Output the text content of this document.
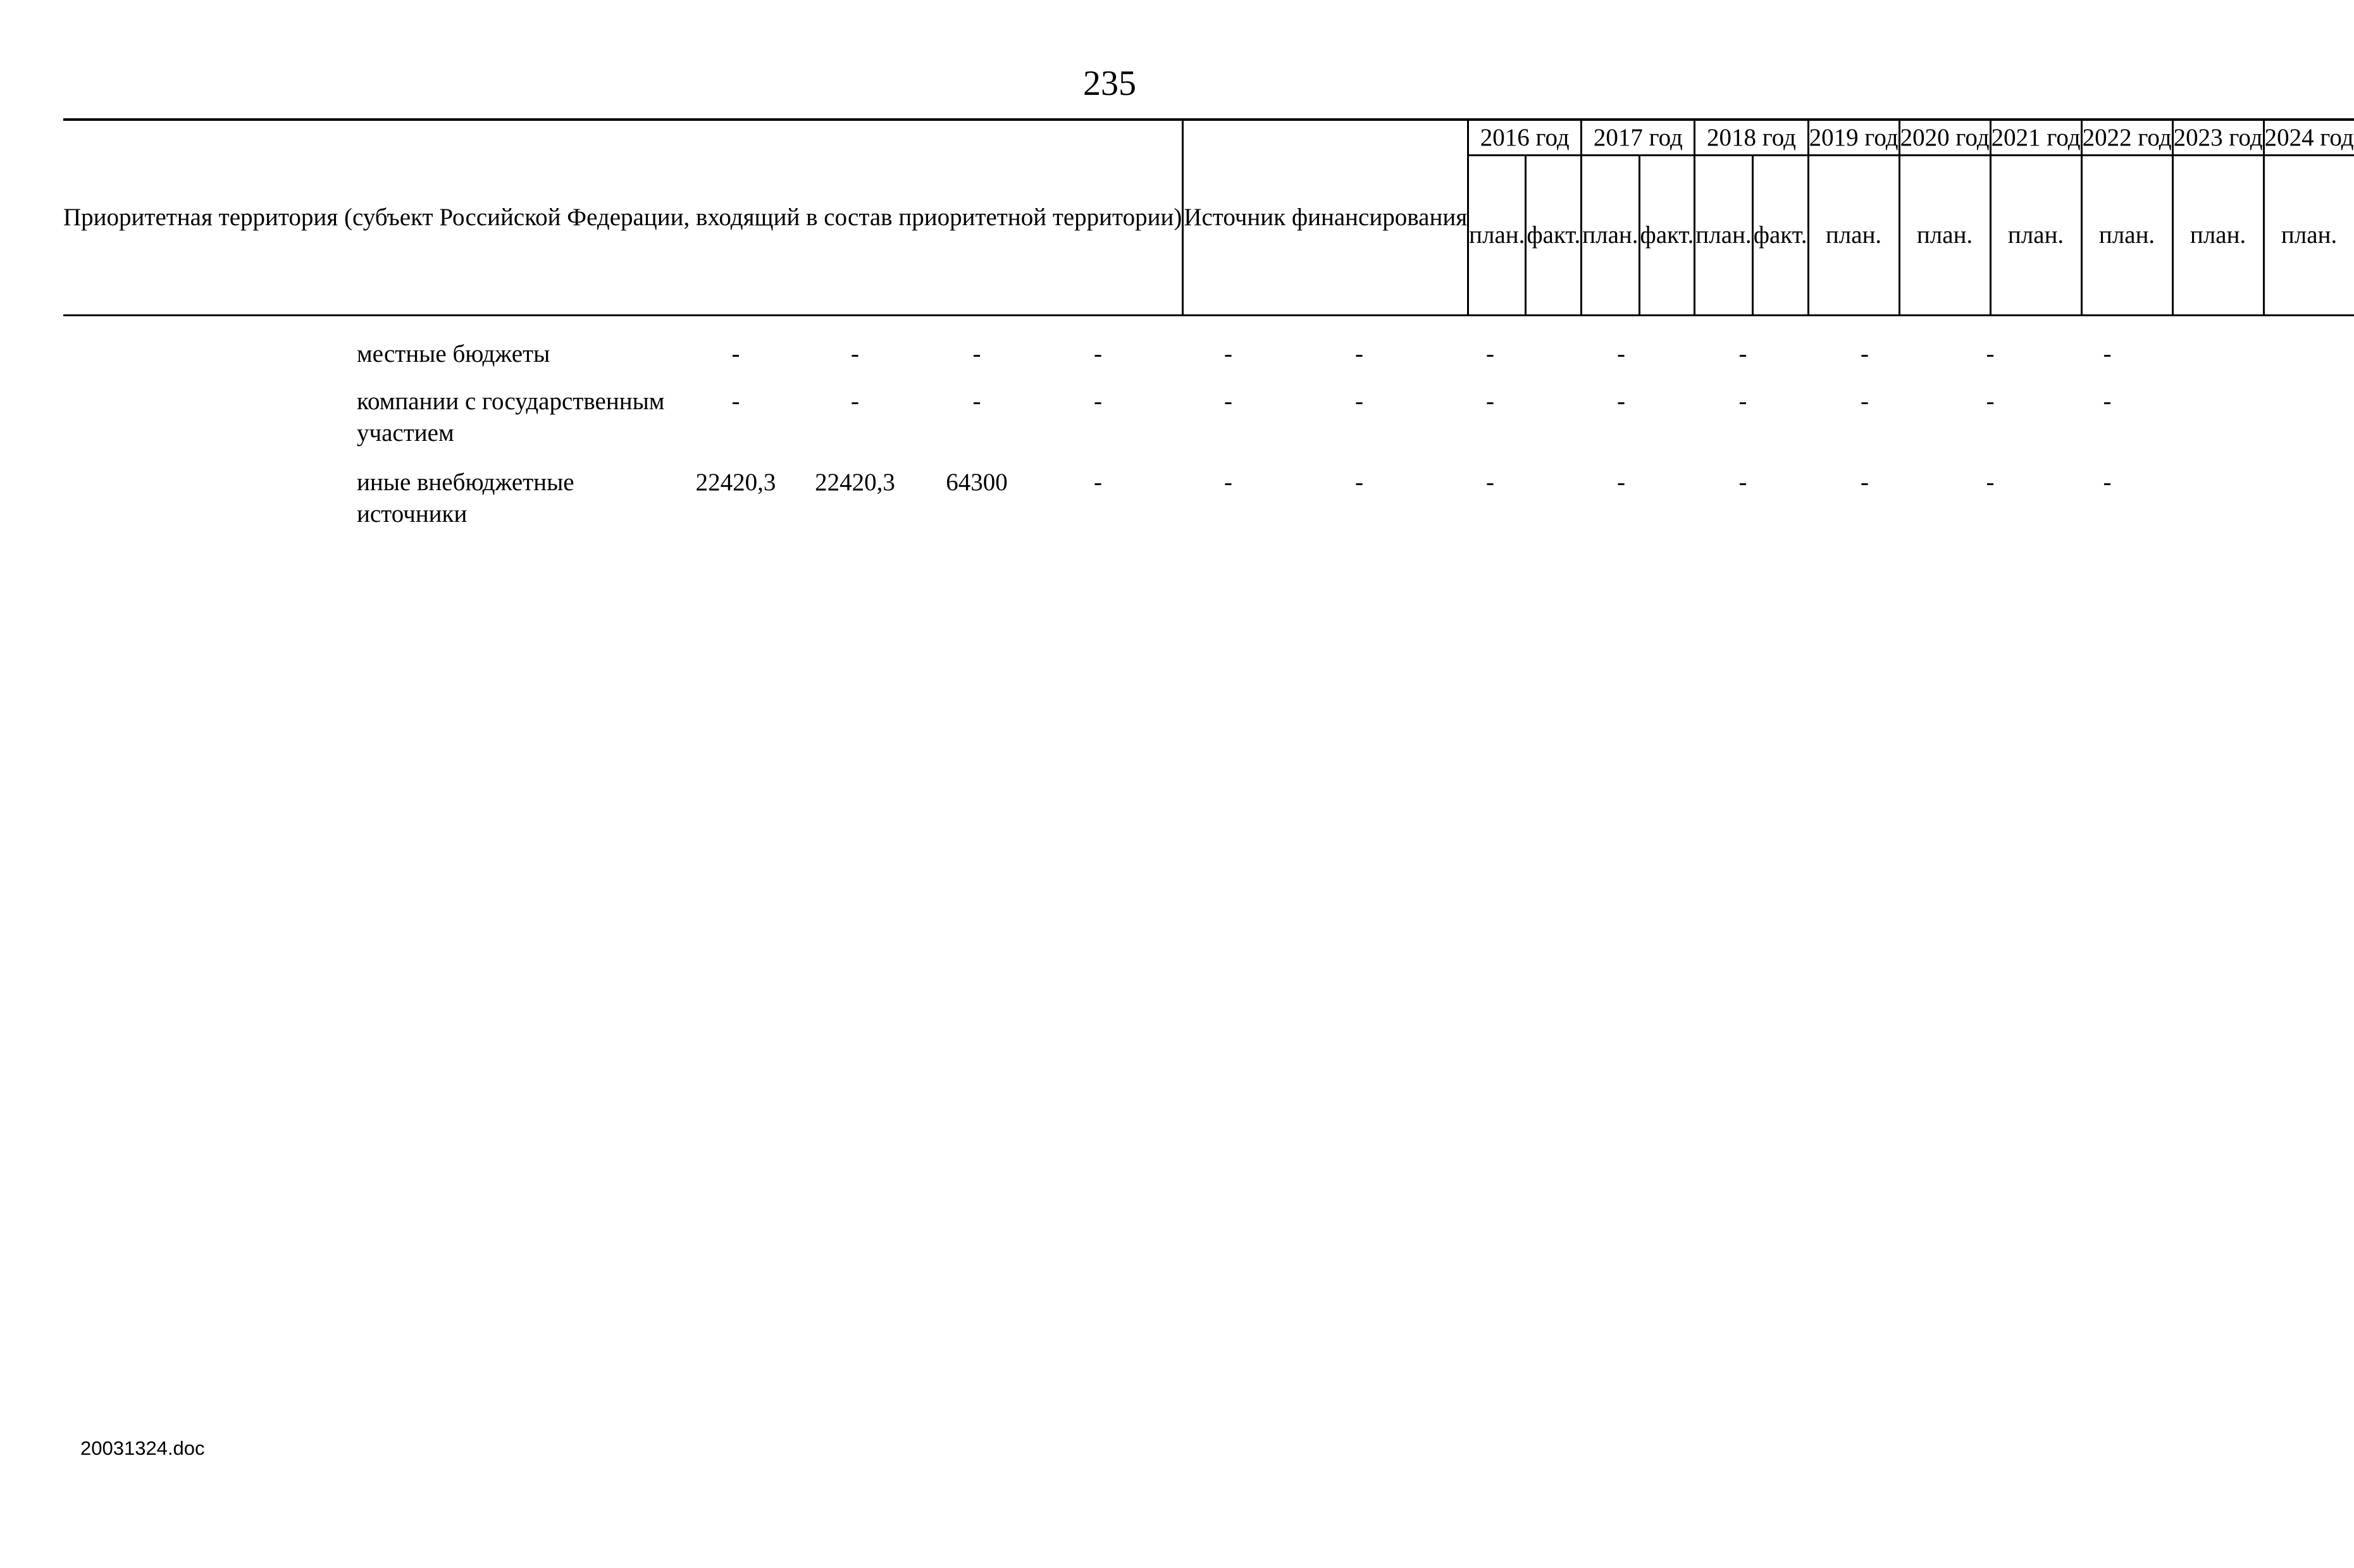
235
Приоритетная территория (субъект Российской Федерации, входящий в состав приоритетной территории)	Источник финансирования	2016 год		2017 год		2018 год		2019 год	2020 год	2021 год	2022 год	2023 год	2024 год
		план.	факт.	план.	факт.	план.	факт.	план.	план.	план.	план.	план.	план.
	местные бюджеты	-	-	-	-	-	-	-	-	-	-	-	-
	компании с государственным участием	-	-	-	-	-	-	-	-	-	-	-	-
	иные внебюджетные источники	22420,3	22420,3	64300	-	-	-	-	-	-	-	-	-
20031324.doc
